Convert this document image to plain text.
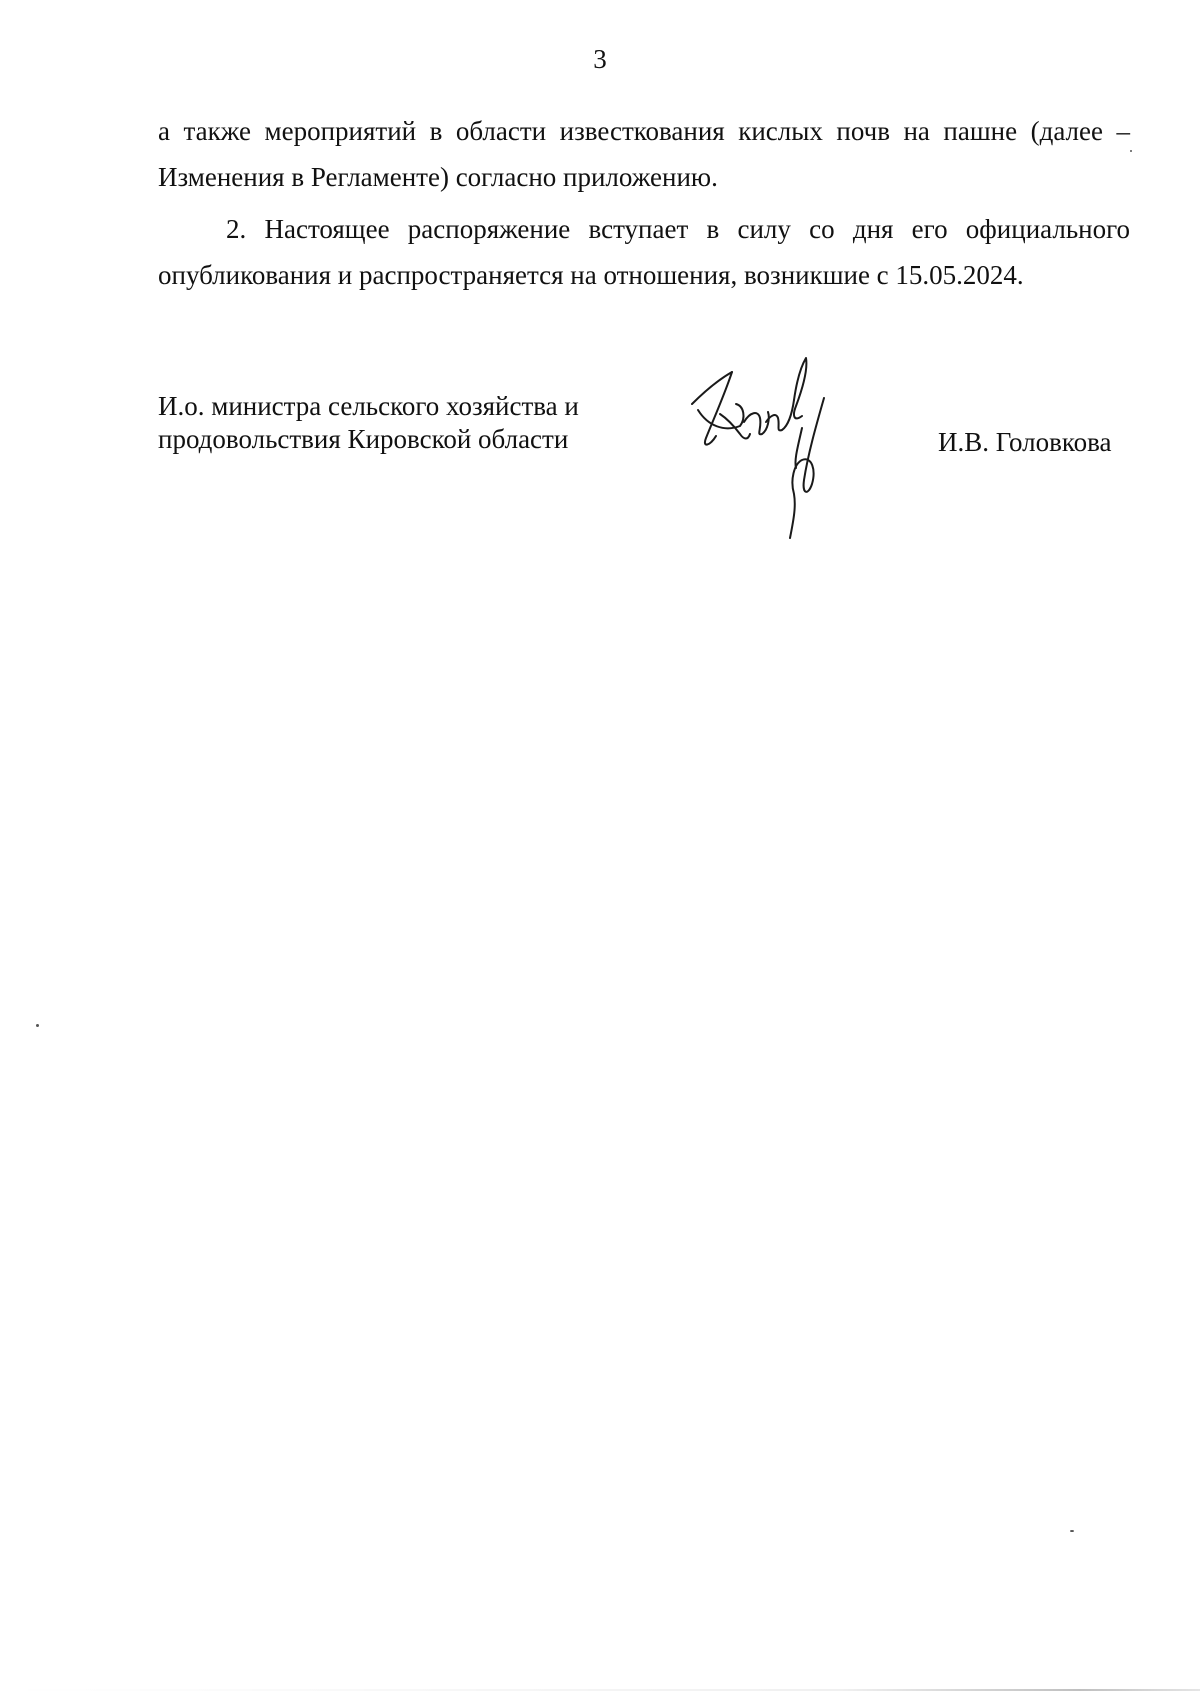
3
а также мероприятий в области известкования кислых почв на пашне (далее – Изменения в Регламенте) согласно приложению.
2. Настоящее распоряжение вступает в силу со дня его официального опубликования и распространяется на отношения, возникшие с 15.05.2024.
И.о. министра сельского хозяйства и
продовольствия Кировской области	И.В. Головкова
